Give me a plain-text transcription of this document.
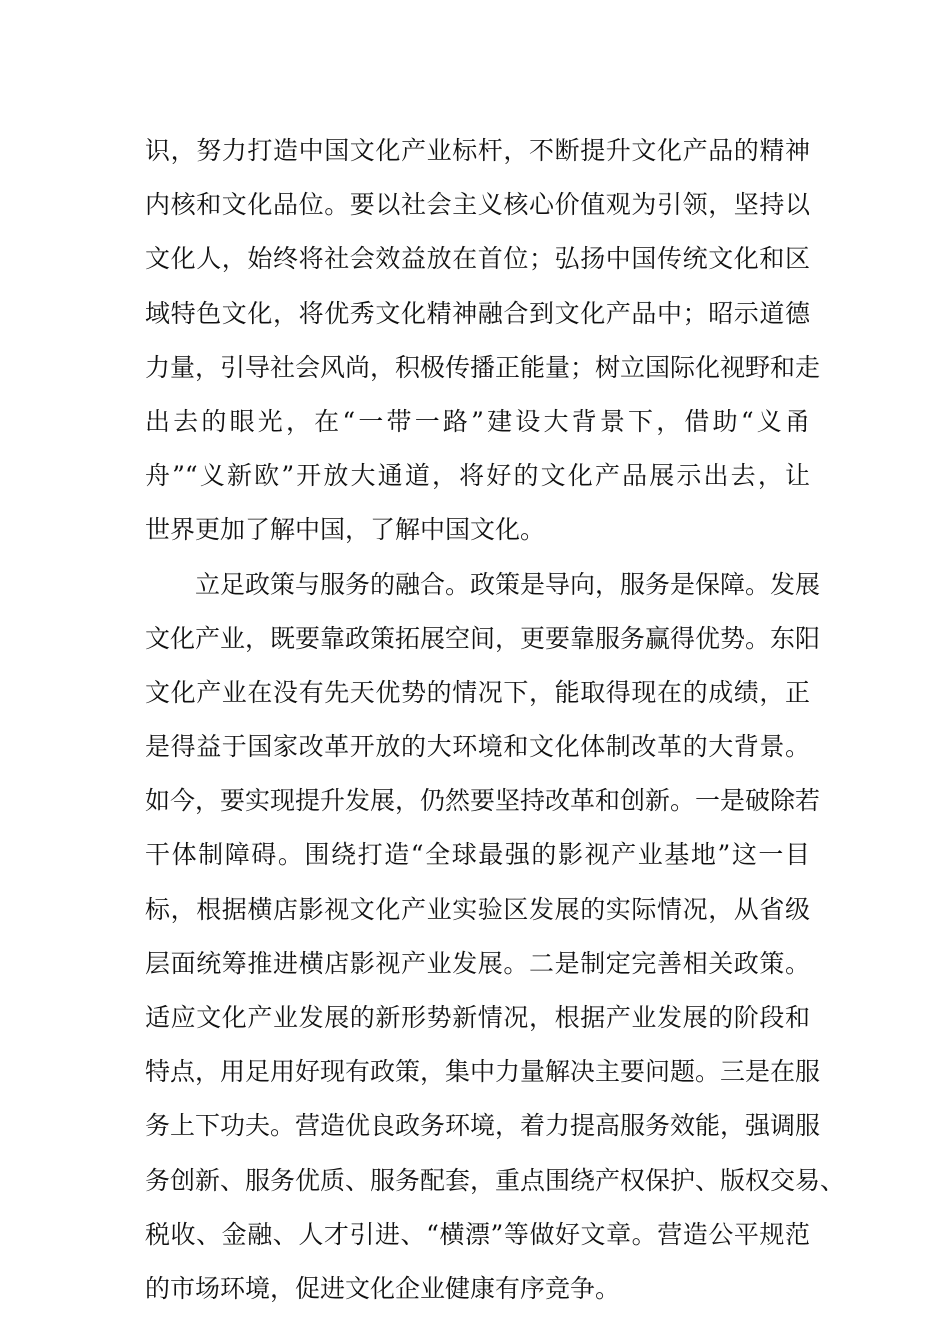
识，努力打造中国文化产业标杆，不断提升文化产品的精神
内核和文化品位。要以社会主义核心价值观为引领，坚持以
文化人，始终将社会效益放在首位；弘扬中国传统文化和区
域特色文化，将优秀文化精神融合到文化产品中；昭示道德
力量，引导社会风尚，积极传播正能量；树立国际化视野和走
出去的眼光，在“一带一路”建设大背景下，借助“义甬
舟”“义新欧”开放大通道，将好的文化产品展示出去，让
世界更加了解中国，了解中国文化。
立足政策与服务的融合。政策是导向，服务是保障。发展
文化产业，既要靠政策拓展空间，更要靠服务赢得优势。东阳
文化产业在没有先天优势的情况下，能取得现在的成绩，正
是得益于国家改革开放的大环境和文化体制改革的大背景。
如今，要实现提升发展，仍然要坚持改革和创新。一是破除若
干体制障碍。围绕打造“全球最强的影视产业基地”这一目
标，根据横店影视文化产业实验区发展的实际情况，从省级
层面统筹推进横店影视产业发展。二是制定完善相关政策。
适应文化产业发展的新形势新情况，根据产业发展的阶段和
特点，用足用好现有政策，集中力量解决主要问题。三是在服
务上下功夫。营造优良政务环境，着力提高服务效能，强调服
务创新、服务优质、服务配套，重点围绕产权保护、版权交易、
税收、金融、人才引进、“横漂”等做好文章。营造公平规范
的市场环境，促进文化企业健康有序竞争。
